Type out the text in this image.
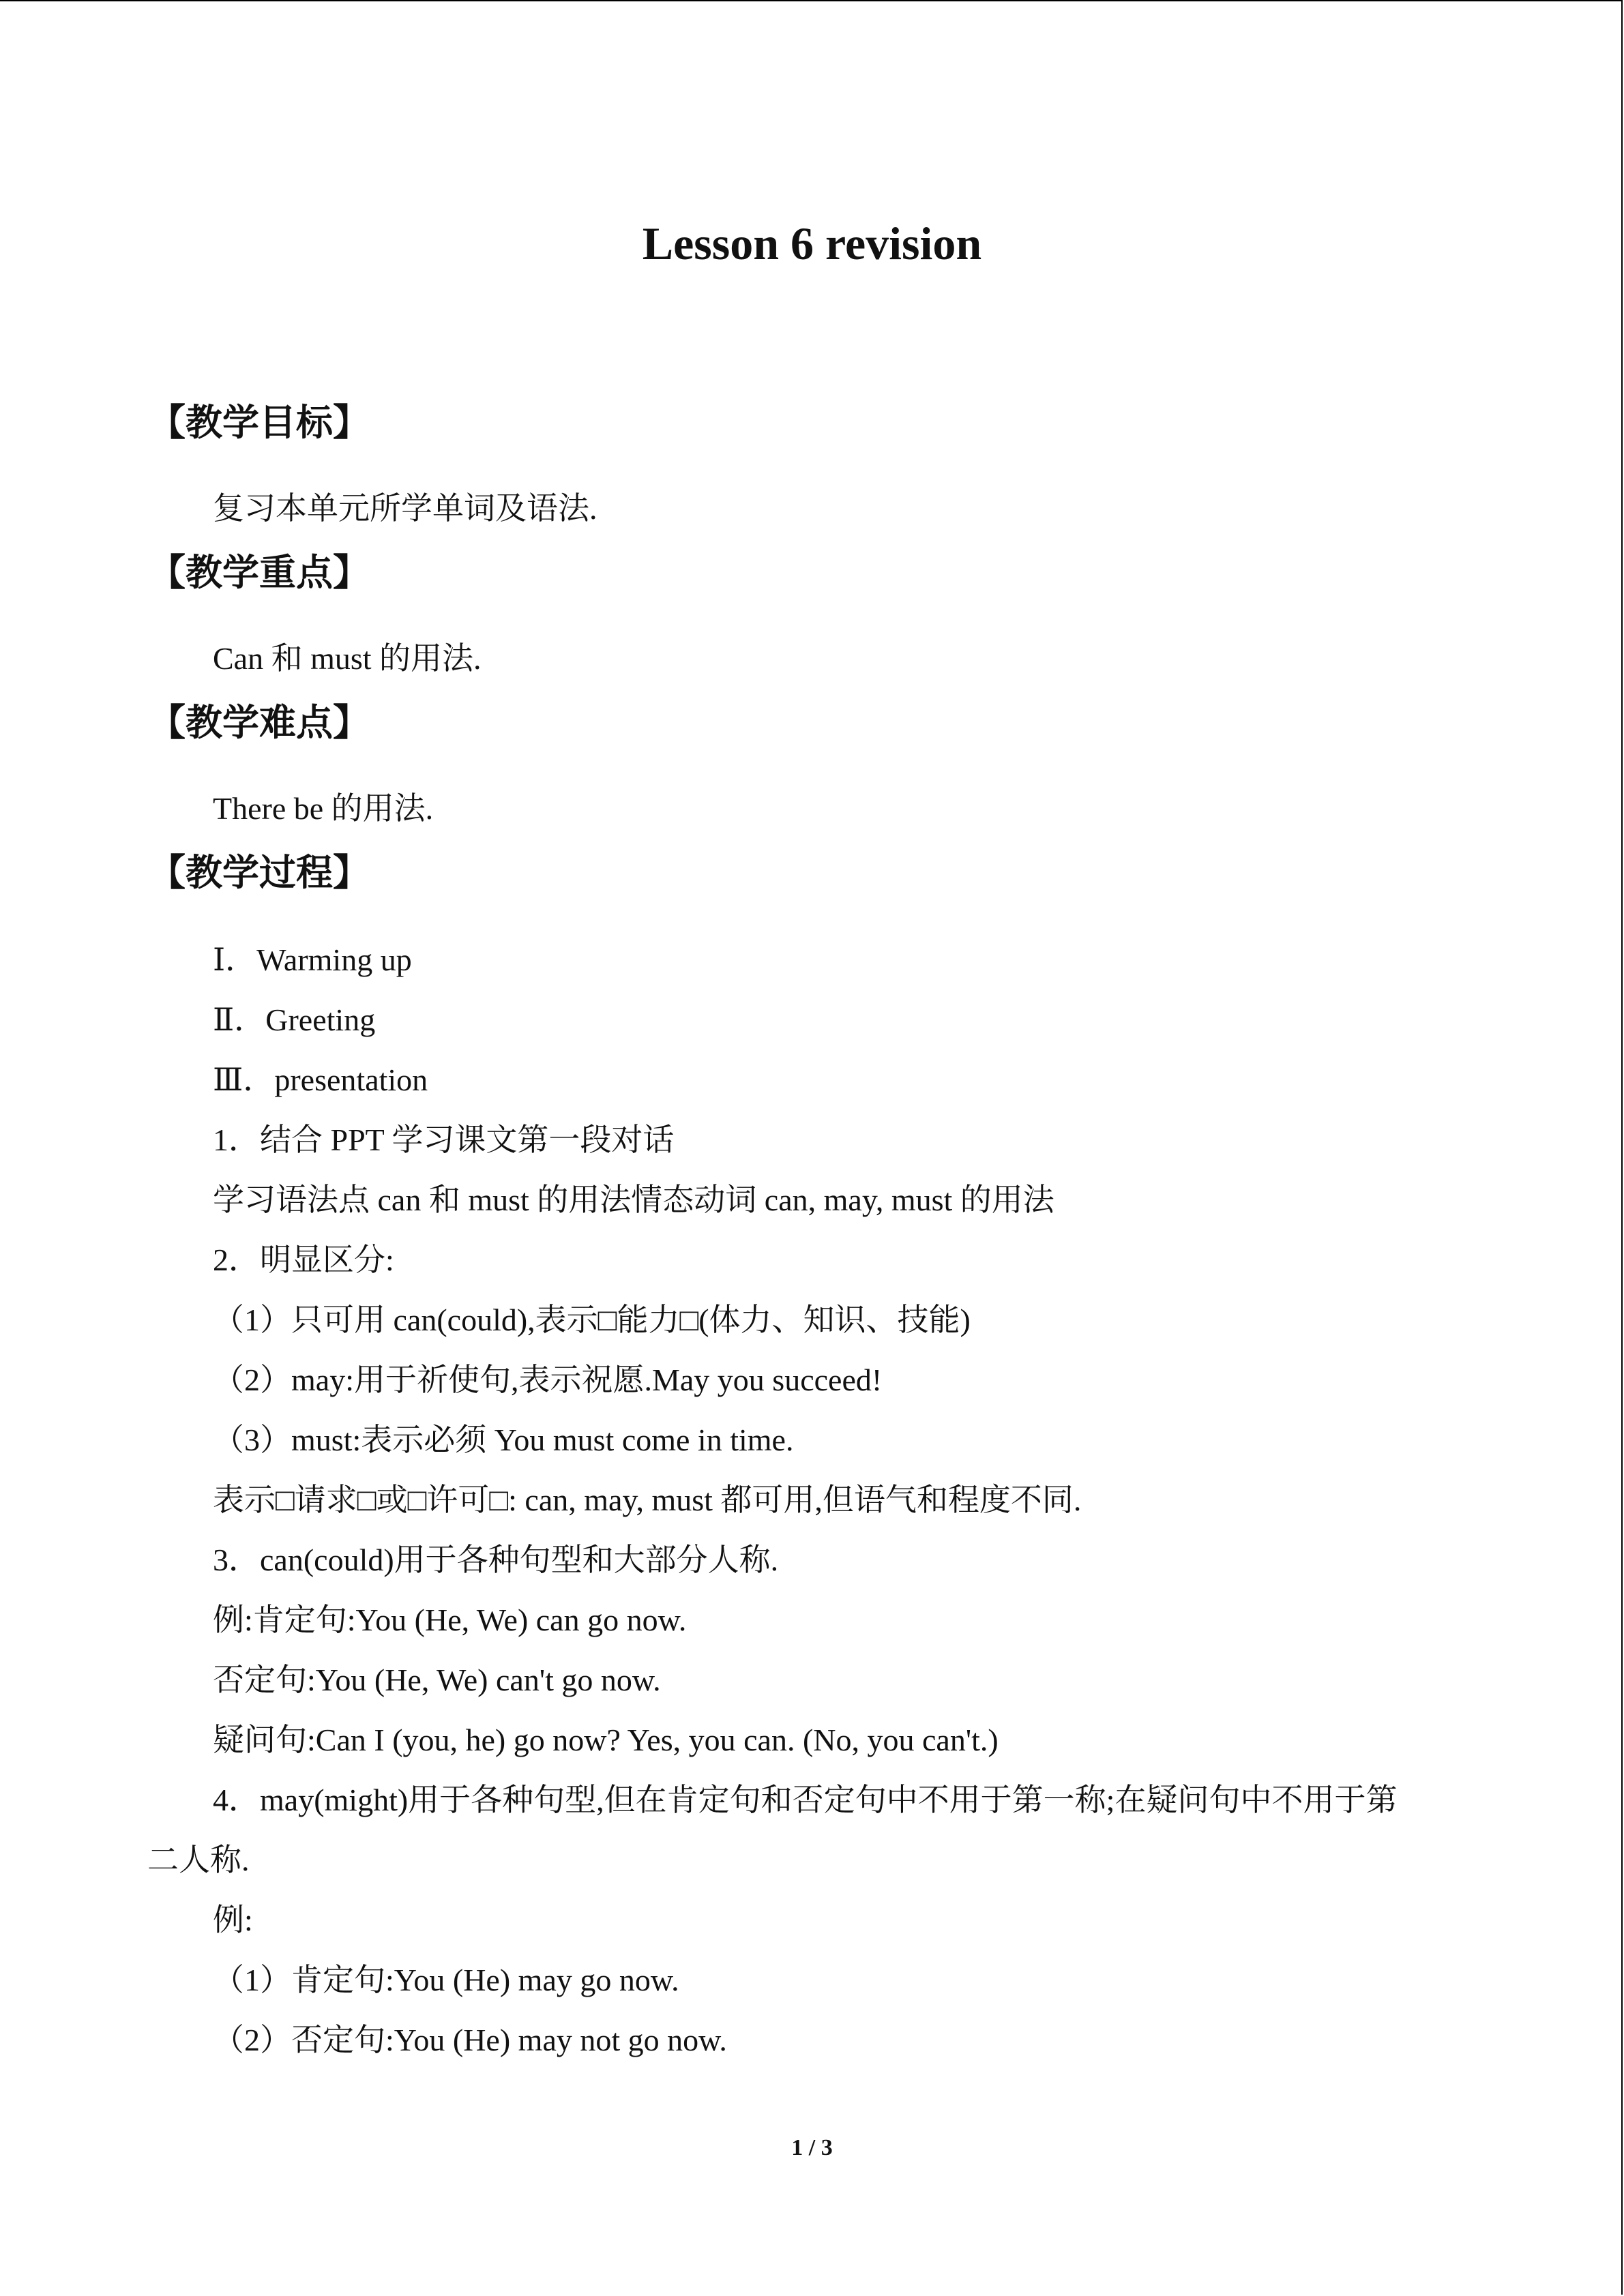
Lesson 6 revision
【教学目标】
复习本单元所学单词及语法.
【教学重点】
Can 和 must 的用法.
【教学难点】
There be 的用法.
【教学过程】
Ⅰ．Warming up
Ⅱ．Greeting
Ⅲ．presentation
1．结合 PPT 学习课文第一段对话
学习语法点 can 和 must 的用法情态动词 can, may, must 的用法
2．明显区分:
（1）只可用 can(could),表示□能力□(体力、知识、技能)
（2）may:用于祈使句,表示祝愿.May you succeed!
（3）must:表示必须 You must come in time.
表示□请求□或□许可□: can, may, must 都可用,但语气和程度不同.
3．can(could)用于各种句型和大部分人称.
例:肯定句:You (He, We) can go now.
否定句:You (He, We) can't go now.
疑问句:Can I (you, he) go now? Yes, you can. (No, you can't.)
4．may(might)用于各种句型,但在肯定句和否定句中不用于第一称;在疑问句中不用于第
二人称.
例:
（1）肯定句:You (He) may go now.
（2）否定句:You (He) may not go now.
1 / 3
